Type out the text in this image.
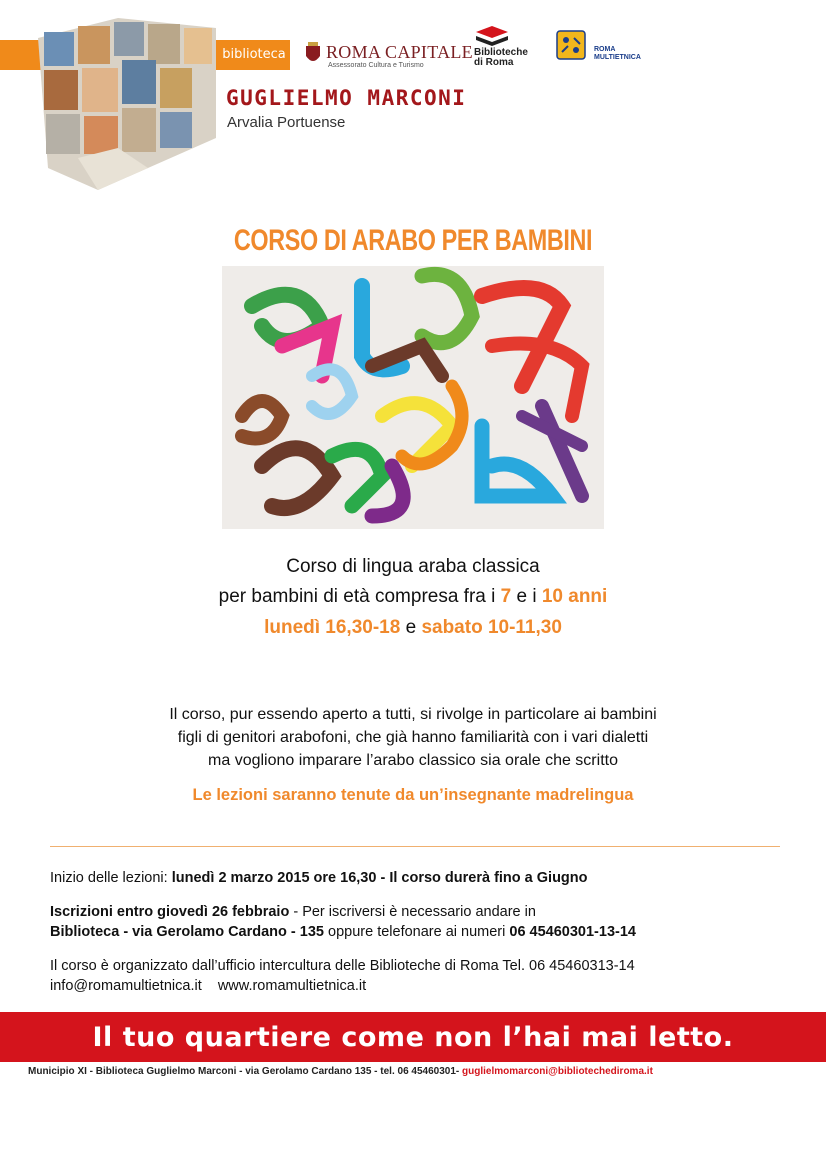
biblioteca ROMA CAPITALE
Assessorato Cultura e Turismo
Biblioteche
di Roma
ROMA
MULTIETNICA
GUGLIELMO MARCONI
Arvalia Portuense
CORSO DI ARABO PER BAMBINI
Corso di lingua araba classica
per bambini di età compresa fra i 7 e i 10 anni
lunedì 16,30-18 e sabato 10-11,30
Il corso, pur essendo aperto a tutti, si rivolge in particolare ai bambini
figli di genitori arabofoni, che già hanno familiarità con i vari dialetti
ma vogliono imparare l’arabo classico sia orale che scritto
Le lezioni saranno tenute da un’insegnante madrelingua
Inizio delle lezioni: lunedì 2 marzo 2015 ore 16,30 - Il corso durerà fino a Giugno
Iscrizioni entro giovedì 26 febbraio - Per iscriversi è necessario andare in
Biblioteca - via Gerolamo Cardano - 135 oppure telefonare ai numeri 06 45460301-13-14
Il corso è organizzato dall’ufficio intercultura delle Biblioteche di Roma Tel. 06 45460313-14
info@romamultietnica.it    www.romamultietnica.it
Il tuo quartiere come non l’hai mai letto.
Municipio XI - Biblioteca Guglielmo Marconi - via Gerolamo Cardano 135 - tel. 06 45460301- guglielmomarconi@bibliotechediroma.it
